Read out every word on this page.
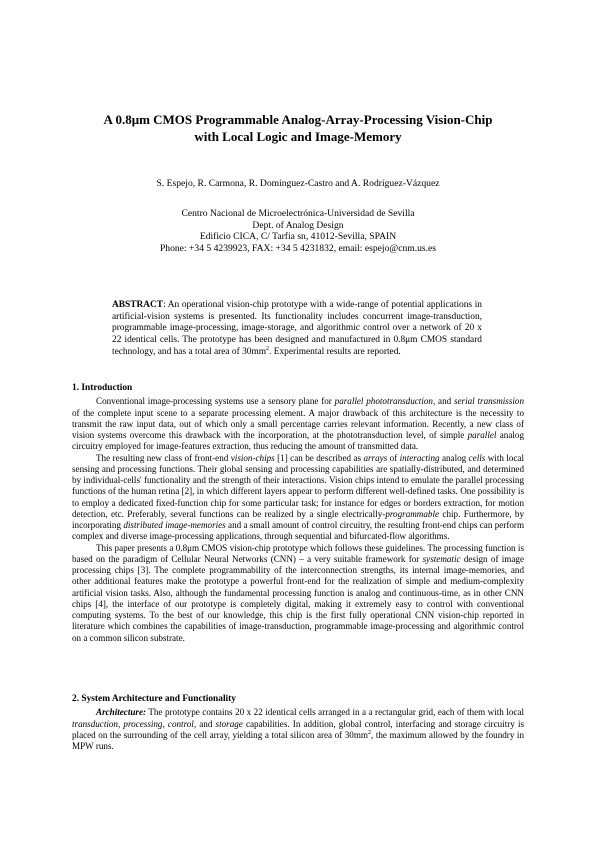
A 0.8μm CMOS Programmable Analog-Array-Processing Vision-Chip
with Local Logic and Image-Memory
S. Espejo, R. Carmona, R. Domínguez-Castro and A. Rodríguez-Vázquez
Centro Nacional de Microelectrónica-Universidad de Sevilla
Dept. of Analog Design
Edificio CICA, C/ Tarfia sn, 41012-Sevilla, SPAIN
Phone: +34 5 4239923, FAX: +34 5 4231832, email: espejo@cnm.us.es
ABSTRACT: An operational vision-chip prototype with a wide-range of potential applications in artificial-vision systems is presented. Its functionality includes concurrent image-transduction, programmable image-processing, image-storage, and algorithmic control over a network of 20 x 22 identical cells. The prototype has been designed and manufactured in 0.8μm CMOS standard technology, and has a total area of $30mm^2$. Experimental results are reported.
1. Introduction
Conventional image-processing systems use a sensory plane for parallel phototransduction, and serial transmission of the complete input scene to a separate processing element. A major drawback of this architecture is the necessity to transmit the raw input data, out of which only a small percentage carries relevant information. Recently, a new class of vision systems overcome this drawback with the incorporation, at the phototransduction level, of simple parallel analog circuitry employed for image-features extraction, thus reducing the amount of transmitted data.
The resulting new class of front-end vision-chips [1] can be described as arrays of interacting analog cells with local sensing and processing functions. Their global sensing and processing capabilities are spatially-distributed, and determined by individual-cells' functionality and the strength of their interactions. Vision chips intend to emulate the parallel processing functions of the human retina [2], in which different layers appear to perform different well-defined tasks. One possibility is to employ a dedicated fixed-function chip for some particular task; for instance for edges or borders extraction, for motion detection, etc. Preferably, several functions can be realized by a single electrically-programmable chip. Furthermore, by incorporating distributed image-memories and a small amount of control circuitry, the resulting front-end chips can perform complex and diverse image-processing applications, through sequential and bifurcated-flow algorithms.
This paper presents a 0.8μm CMOS vision-chip prototype which follows these guidelines. The processing function is based on the paradigm of Cellular Neural Networks (CNN) – a very suitable framework for systematic design of image processing chips [3]. The complete programmability of the interconnection strengths, its internal image-memories, and other additional features make the prototype a powerful front-end for the realization of simple and medium-complexity artificial vision tasks. Also, although the fundamental processing function is analog and continuous-time, as in other CNN chips [4], the interface of our prototype is completely digital, making it extremely easy to control with conventional computing systems. To the best of our knowledge, this chip is the first fully operational CNN vision-chip reported in literature which combines the capabilities of image-transduction, programmable image-processing and algorithmic control on a common silicon substrate.
2. System Architecture and Functionality
Architecture: The prototype contains 20 x 22 identical cells arranged in a a rectangular grid, each of them with local transduction, processing, control, and storage capabilities. In addition, global control, interfacing and storage circuitry is placed on the surrounding of the cell array, yielding a total silicon area of $30mm^2$, the maximum allowed by the foundry in MPW runs.
